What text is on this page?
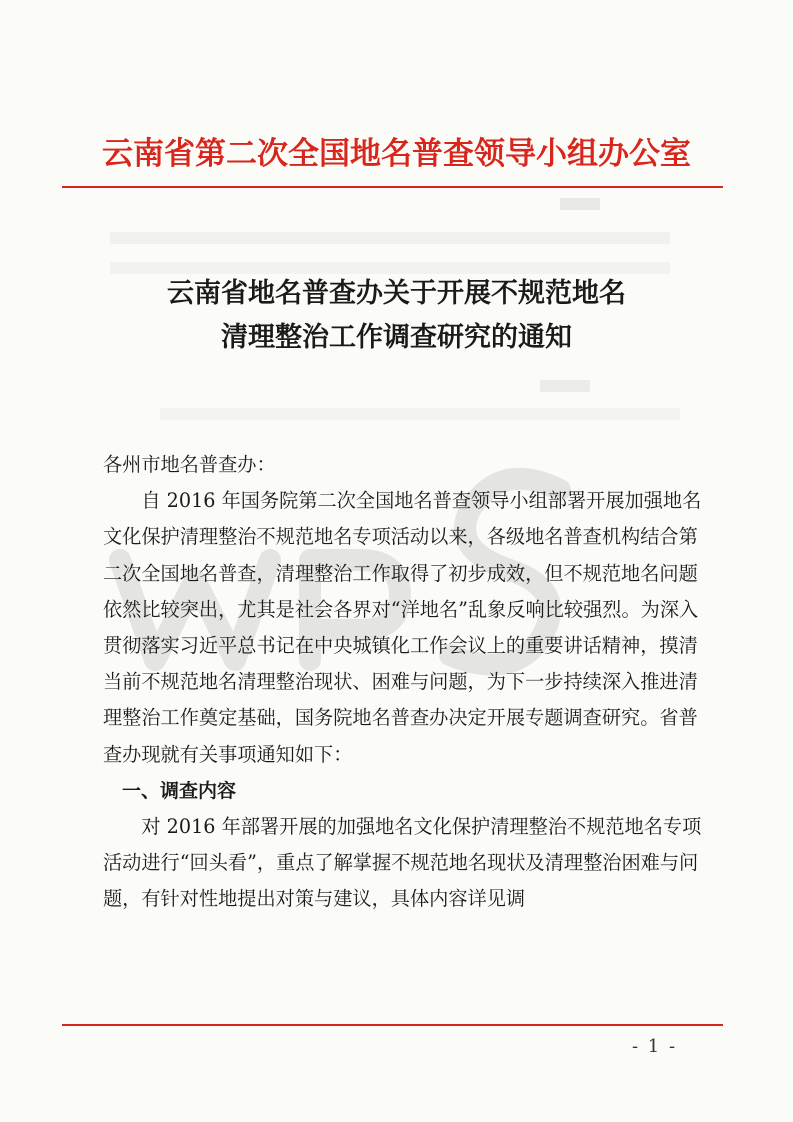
云南省第二次全国地名普查领导小组办公室
云南省地名普查办关于开展不规范地名
清理整治工作调查研究的通知

各州市地名普查办：

自 2016 年国务院第二次全国地名普查领导小组部署开展加强地名文化保护清理整治不规范地名专项活动以来，各级地名普查机构结合第二次全国地名普查，清理整治工作取得了初步成效，但不规范地名问题依然比较突出，尤其是社会各界对“洋地名”乱象反响比较强烈。为深入贯彻落实习近平总书记在中央城镇化工作会议上的重要讲话精神，摸清当前不规范地名清理整治现状、困难与问题，为下一步持续深入推进清理整治工作奠定基础，国务院地名普查办决定开展专题调查研究。省普查办现就有关事项通知如下：

一、调查内容

对 2016 年部署开展的加强地名文化保护清理整治不规范地名专项活动进行“回头看”，重点了解掌握不规范地名现状及清理整治困难与问题，有针对性地提出对策与建议，具体内容详见调

- 1 -
